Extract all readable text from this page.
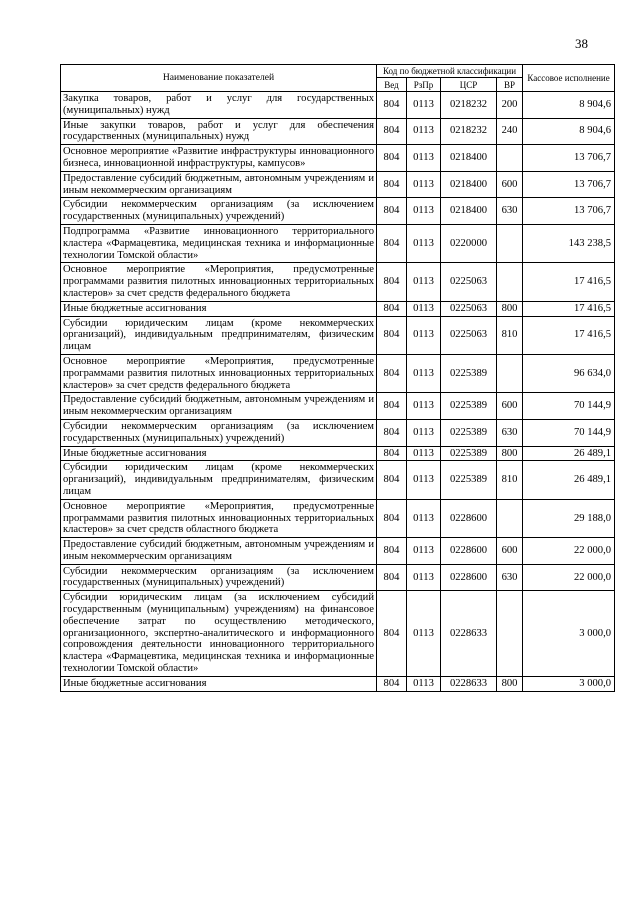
38
Наименование показателей	Код по бюджетной классификации				Кассовое исполнение
	Вед	РзПр	ЦСР	ВР	
Закупка товаров, работ и услуг для государственных (муниципальных) нужд	804	0113	0218232	200	8 904,6
Иные закупки товаров, работ и услуг для обеспечения государственных (муниципальных) нужд	804	0113	0218232	240	8 904,6
Основное мероприятие «Развитие инфраструктуры инновационного бизнеса, инновационной инфраструктуры, кампусов»	804	0113	0218400		13 706,7
Предоставление субсидий бюджетным, автономным учреждениям и иным некоммерческим организациям	804	0113	0218400	600	13 706,7
Субсидии некоммерческим организациям (за исключением государственных (муниципальных) учреждений)	804	0113	0218400	630	13 706,7
Подпрограмма «Развитие инновационного территориального кластера «Фармацевтика, медицинская техника и информационные технологии Томской области»	804	0113	0220000		143 238,5
Основное мероприятие «Мероприятия, предусмотренные программами развития пилотных инновационных территориальных кластеров» за счет средств федерального бюджета	804	0113	0225063		17 416,5
Иные бюджетные ассигнования	804	0113	0225063	800	17 416,5
Субсидии юридическим лицам (кроме некоммерческих организаций), индивидуальным предпринимателям, физическим лицам	804	0113	0225063	810	17 416,5
Основное мероприятие «Мероприятия, предусмотренные программами развития пилотных инновационных территориальных кластеров» за счет средств федерального бюджета	804	0113	0225389		96 634,0
Предоставление субсидий бюджетным, автономным учреждениям и иным некоммерческим организациям	804	0113	0225389	600	70 144,9
Субсидии некоммерческим организациям (за исключением государственных (муниципальных) учреждений)	804	0113	0225389	630	70 144,9
Иные бюджетные ассигнования	804	0113	0225389	800	26 489,1
Субсидии юридическим лицам (кроме некоммерческих организаций), индивидуальным предпринимателям, физическим лицам	804	0113	0225389	810	26 489,1
Основное мероприятие «Мероприятия, предусмотренные программами развития пилотных инновационных территориальных кластеров» за счет средств областного бюджета	804	0113	0228600		29 188,0
Предоставление субсидий бюджетным, автономным учреждениям и иным некоммерческим организациям	804	0113	0228600	600	22 000,0
Субсидии некоммерческим организациям (за исключением государственных (муниципальных) учреждений)	804	0113	0228600	630	22 000,0
Субсидии юридическим лицам (за исключением субсидий государственным (муниципальным) учреждениям) на финансовое обеспечение затрат по осуществлению методического, организационного, экспертно-аналитического и информационного сопровождения деятельности инновационного территориального кластера «Фармацевтика, медицинская техника и информационные технологии Томской области»	804	0113	0228633		3 000,0
Иные бюджетные ассигнования	804	0113	0228633	800	3 000,0
